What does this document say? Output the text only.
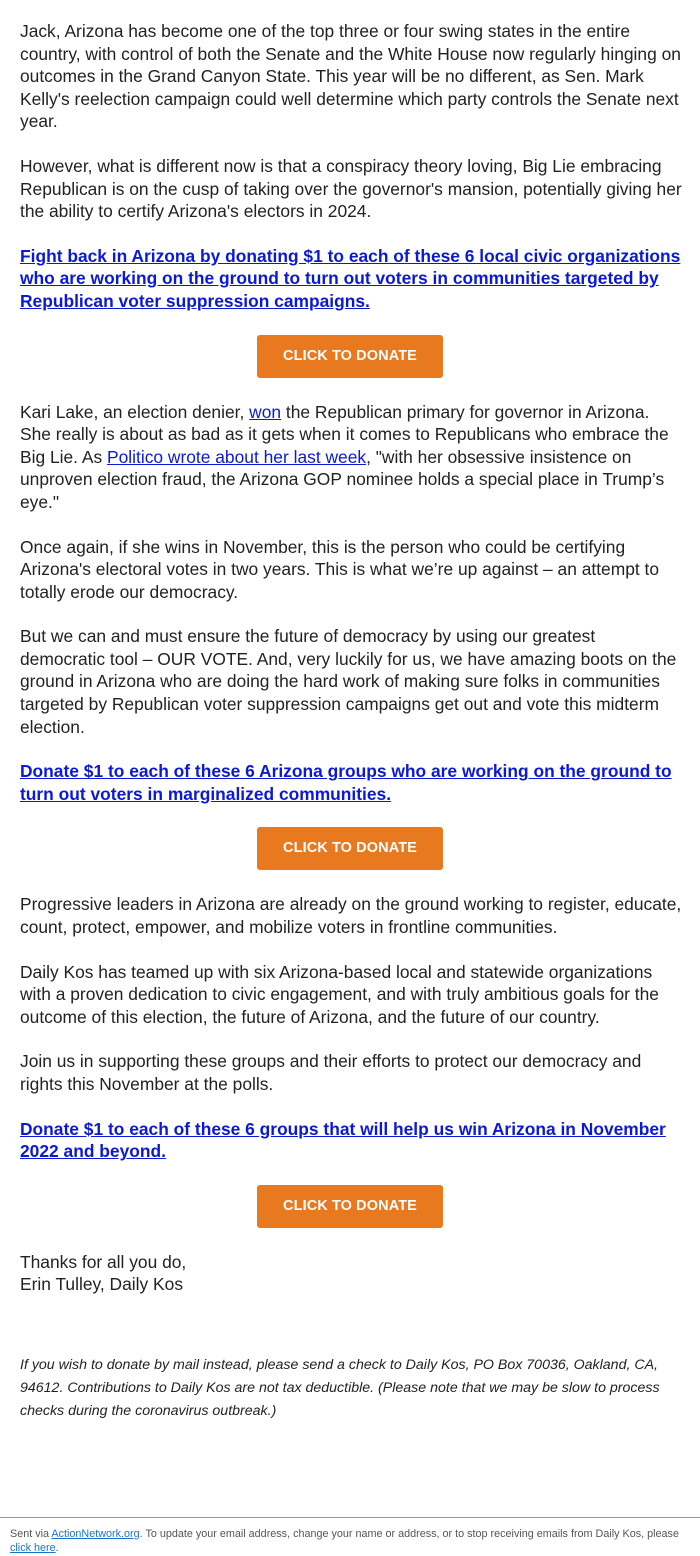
Jack, Arizona has become one of the top three or four swing states in the entire country, with control of both the Senate and the White House now regularly hinging on outcomes in the Grand Canyon State. This year will be no different, as Sen. Mark Kelly's reelection campaign could well determine which party controls the Senate next year.

However, what is different now is that a conspiracy theory loving, Big Lie embracing Republican is on the cusp of taking over the governor's mansion, potentially giving her the ability to certify Arizona's electors in 2024.

Fight back in Arizona by donating $1 to each of these 6 local civic organizations who are working on the ground to turn out voters in communities targeted by Republican voter suppression campaigns.
CLICK TO DONATE

Kari Lake, an election denier, won the Republican primary for governor in Arizona. She really is about as bad as it gets when it comes to Republicans who embrace the Big Lie. As Politico wrote about her last week, "with her obsessive insistence on unproven election fraud, the Arizona GOP nominee holds a special place in Trump’s eye."

Once again, if she wins in November, this is the person who could be certifying Arizona's electoral votes in two years. This is what we’re up against – an attempt to totally erode our democracy.

But we can and must ensure the future of democracy by using our greatest democratic tool – OUR VOTE. And, very luckily for us, we have amazing boots on the ground in Arizona who are doing the hard work of making sure folks in communities targeted by Republican voter suppression campaigns get out and vote this midterm election.

Donate $1 to each of these 6 Arizona groups who are working on the ground to turn out voters in marginalized communities.
CLICK TO DONATE

Progressive leaders in Arizona are already on the ground working to register, educate, count, protect, empower, and mobilize voters in frontline communities.

Daily Kos has teamed up with six Arizona-based local and statewide organizations with a proven dedication to civic engagement, and with truly ambitious goals for the outcome of this election, the future of Arizona, and the future of our country.

Join us in supporting these groups and their efforts to protect our democracy and rights this November at the polls.

Donate $1 to each of these 6 groups that will help us win Arizona in November 2022 and beyond.
CLICK TO DONATE

Thanks for all you do,
Erin Tulley, Daily Kos

If you wish to donate by mail instead, please send a check to Daily Kos, PO Box 70036, Oakland, CA, 94612. Contributions to Daily Kos are not tax deductible. (Please note that we may be slow to process checks during the coronavirus outbreak.)

Sent via ActionNetwork.org. To update your email address, change your name or address, or to stop receiving emails from Daily Kos, please click here.
